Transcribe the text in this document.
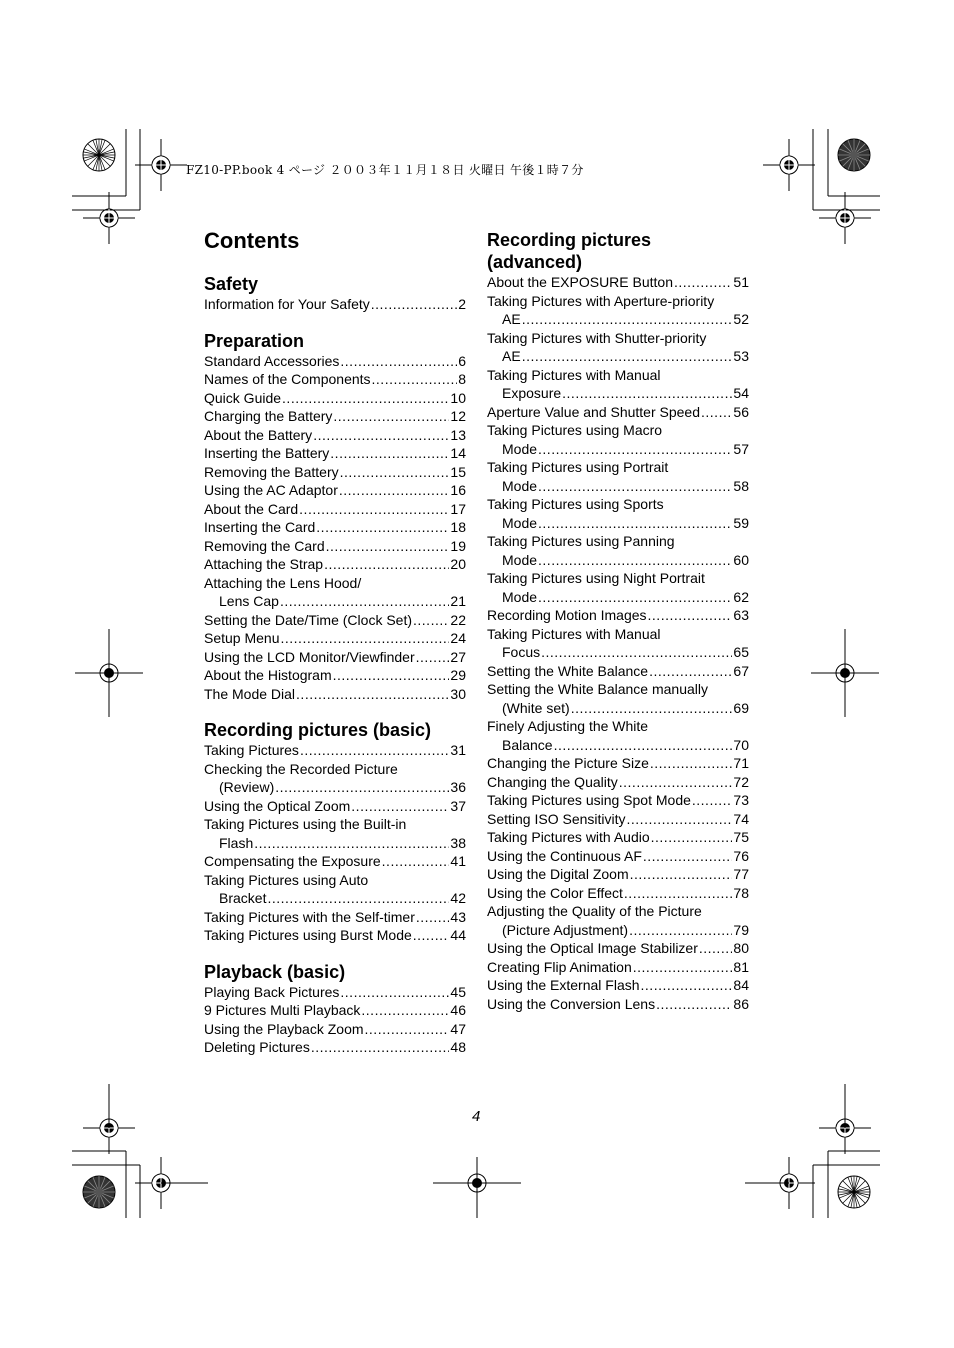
FZ10-PP.book 4 ページ ２００３年１１月１８日 火曜日 午後１時７分
Contents
Safety
Information for Your Safety .....	2
Preparation
Standard Accessories .....	6
Names of the Components .....	8
Quick Guide .....	10
Charging the Battery .....	12
About the Battery .....	13
Inserting the Battery .....	14
Removing the Battery .....	15
Using the AC Adaptor .....	16
About the Card .....	17
Inserting the Card .....	18
Removing the Card .....	19
Attaching the Strap .....	20
Attaching the Lens Hood/
Lens Cap .....	21
Setting the Date/Time (Clock Set) .....	22
Setup Menu .....	24
Using the LCD Monitor/Viewfinder .....	27
About the Histogram .....	29
The Mode Dial .....	30
Recording pictures (basic)
Taking Pictures .....	31
Checking the Recorded Picture
(Review) .....	36
Using the Optical Zoom .....	37
Taking Pictures using the Built-in
Flash .....	38
Compensating the Exposure .....	41
Taking Pictures using Auto
Bracket .....	42
Taking Pictures with the Self-timer .....	43
Taking Pictures using Burst Mode .....	44
Playback (basic)
Playing Back Pictures .....	45
9 Pictures Multi Playback .....	46
Using the Playback Zoom .....	47
Deleting Pictures .....	48
Recording pictures
(advanced)
About the EXPOSURE Button .....	51
Taking Pictures with Aperture-priority
AE .....	52
Taking Pictures with Shutter-priority
AE .....	53
Taking Pictures with Manual
Exposure .....	54
Aperture Value and Shutter Speed ..... 56
Taking Pictures using Macro
Mode .....	57
Taking Pictures using Portrait
Mode .....	58
Taking Pictures using Sports
Mode .....	59
Taking Pictures using Panning
Mode .....	60
Taking Pictures using Night Portrait
Mode .....	62
Recording Motion Images .....	63
Taking Pictures with Manual
Focus .....	65
Setting the White Balance .....	67
Setting the White Balance manually
(White set) .....	69
Finely Adjusting the White
Balance .....	70
Changing the Picture Size .....	71
Changing the Quality .....	72
Taking Pictures using Spot Mode .....	73
Setting ISO Sensitivity .....	74
Taking Pictures with Audio .....	75
Using the Continuous AF .....	76
Using the Digital Zoom .....	77
Using the Color Effect .....	78
Adjusting the Quality of the Picture
(Picture Adjustment) .....	79
Using the Optical Image Stabilizer .....	80
Creating Flip Animation .....	81
Using the External Flash .....	84
Using the Conversion Lens .....	86
4
